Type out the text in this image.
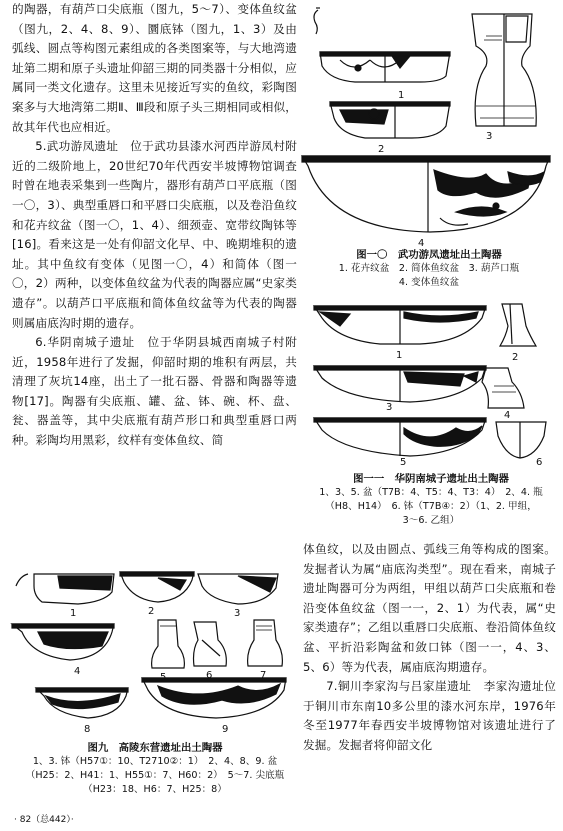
的陶器，有葫芦口尖底瓶（图九，5～7）、变体鱼纹盆（图九，2、4、8、9）、圜底钵（图九，1、3）及由弧线、圆点等构图元素组成的各类图案等，与大地湾遗址第二期和原子头遗址仰韶三期的同类器十分相似，应属同一类文化遗存。这里未见接近写实的鱼纹，彩陶图案多与大地湾第二期Ⅱ、Ⅲ段和原子头三期相同或相似，故其年代也应相近。

5.武功游凤遗址　位于武功县漆水河西岸游凤村附近的二级阶地上，20世纪70年代西安半坡博物馆调查时曾在地表采集到一些陶片，器形有葫芦口平底瓶（图一〇，3）、典型重唇口和平唇口尖底瓶，以及卷沿鱼纹和花卉纹盆（图一〇，1、4）、细颈壶、宽带纹陶钵等[16]。看来这是一处有仰韶文化早、中、晚期堆积的遗址。其中鱼纹有变体（见图一〇，4）和简体（图一〇，2）两种，以变体鱼纹盆为代表的陶器应属“史家类遗存”。以葫芦口平底瓶和简体鱼纹盆等为代表的陶器则属庙底沟时期的遗存。

6.华阴南城子遗址　位于华阴县城西南城子村附近，1958年进行了发掘，仰韶时期的堆积有两层，共清理了灰坑14座，出土了一批石器、骨器和陶器等遗物[17]。陶器有尖底瓶、罐、盆、钵、碗、杯、盘、瓮、器盖等，其中尖底瓶有葫芦形口和典型重唇口两种。彩陶均用黑彩，纹样有变体鱼纹、简

1
2
3
4
图一〇　武功游凤遗址出土陶器
1. 花卉纹盆　2. 简体鱼纹盆　3. 葫芦口瓶
4. 变体鱼纹盆
1	2
3
4
5	6
图一一　华阴南城子遗址出土陶器
1、3、5. 盆（T7B：4、T5：4、T3：4）　2、4. 瓶
（H8、H14）　6. 钵（T7B④：2）（1、2. 甲组，
3～6. 乙组）

体鱼纹，以及由圆点、弧线三角等构成的图案。发掘者认为属“庙底沟类型”。现在看来，南城子遗址陶器可分为两组，甲组以葫芦口尖底瓶和卷沿变体鱼纹盆（图一一，2、1）为代表，属“史家类遗存”；乙组以重唇口尖底瓶、卷沿简体鱼纹盆、平折沿彩陶盆和敛口钵（图一一，4、3、5、6）等为代表，属庙底沟期遗存。

7.铜川李家沟与吕家崖遗址　李家沟遗址位于铜川市东南10多公里的漆水河东岸，1976年冬至1977年春西安半坡博物馆对该遗址进行了发掘。发掘者将仰韶文化

1	2	3
4
5	6	7
8	9
图九　高陵东营遗址出土陶器
1、3. 钵（H57①：10、T2710②：1）　2、4、8、9. 盆
（H25：2、H41：1、H55①：7、H60：2）　5～7. 尖底瓶
（H23：18、H6：7、H25：8）
· 82（总442）·
